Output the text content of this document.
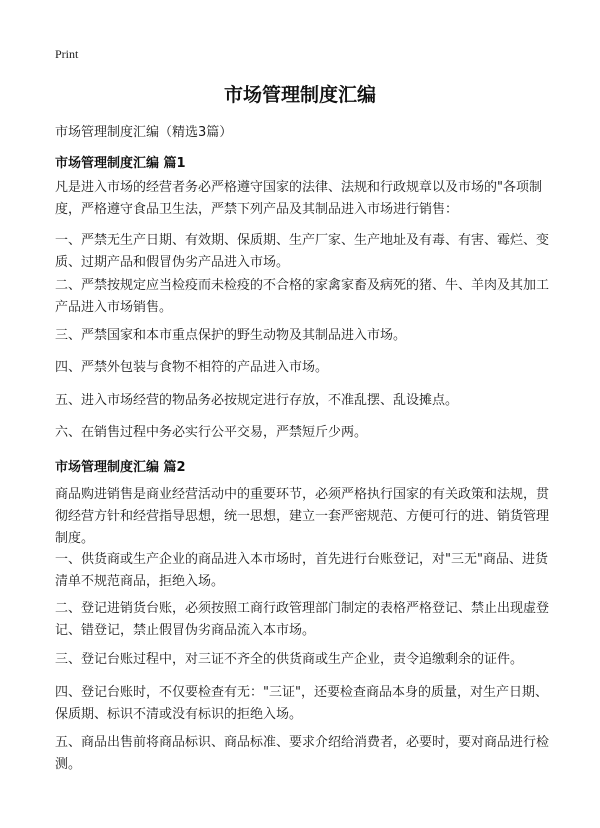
Print
市场管理制度汇编
市场管理制度汇编（精选3篇）
市场管理制度汇编 篇1
凡是进入市场的经营者务必严格遵守国家的法律、法规和行政规章以及市场的"各项制度，严格遵守食品卫生法，严禁下列产品及其制品进入市场进行销售：
一、严禁无生产日期、有效期、保质期、生产厂家、生产地址及有毒、有害、霉烂、变质、过期产品和假冒伪劣产品进入市场。
二、严禁按规定应当检疫而未检疫的不合格的家禽家畜及病死的猪、牛、羊肉及其加工产品进入市场销售。
三、严禁国家和本市重点保护的野生动物及其制品进入市场。
四、严禁外包装与食物不相符的产品进入市场。
五、进入市场经营的物品务必按规定进行存放，不准乱摆、乱设摊点。
六、在销售过程中务必实行公平交易，严禁短斤少两。
市场管理制度汇编 篇2
商品购进销售是商业经营活动中的重要环节，必须严格执行国家的有关政策和法规，贯彻经营方针和经营指导思想，统一思想，建立一套严密规范、方便可行的进、销货管理制度。
一、供货商或生产企业的商品进入本市场时，首先进行台账登记，对"三无"商品、进货清单不规范商品，拒绝入场。
二、登记进销货台账，必须按照工商行政管理部门制定的表格严格登记、禁止出现虚登记、错登记，禁止假冒伪劣商品流入本市场。
三、登记台账过程中，对三证不齐全的供货商或生产企业，责令追缴剩余的证件。
四、登记台账时，不仅要检查有无："三证"，还要检查商品本身的质量，对生产日期、保质期、标识不清或没有标识的拒绝入场。
五、商品出售前将商品标识、商品标准、要求介绍给消费者，必要时，要对商品进行检测。
